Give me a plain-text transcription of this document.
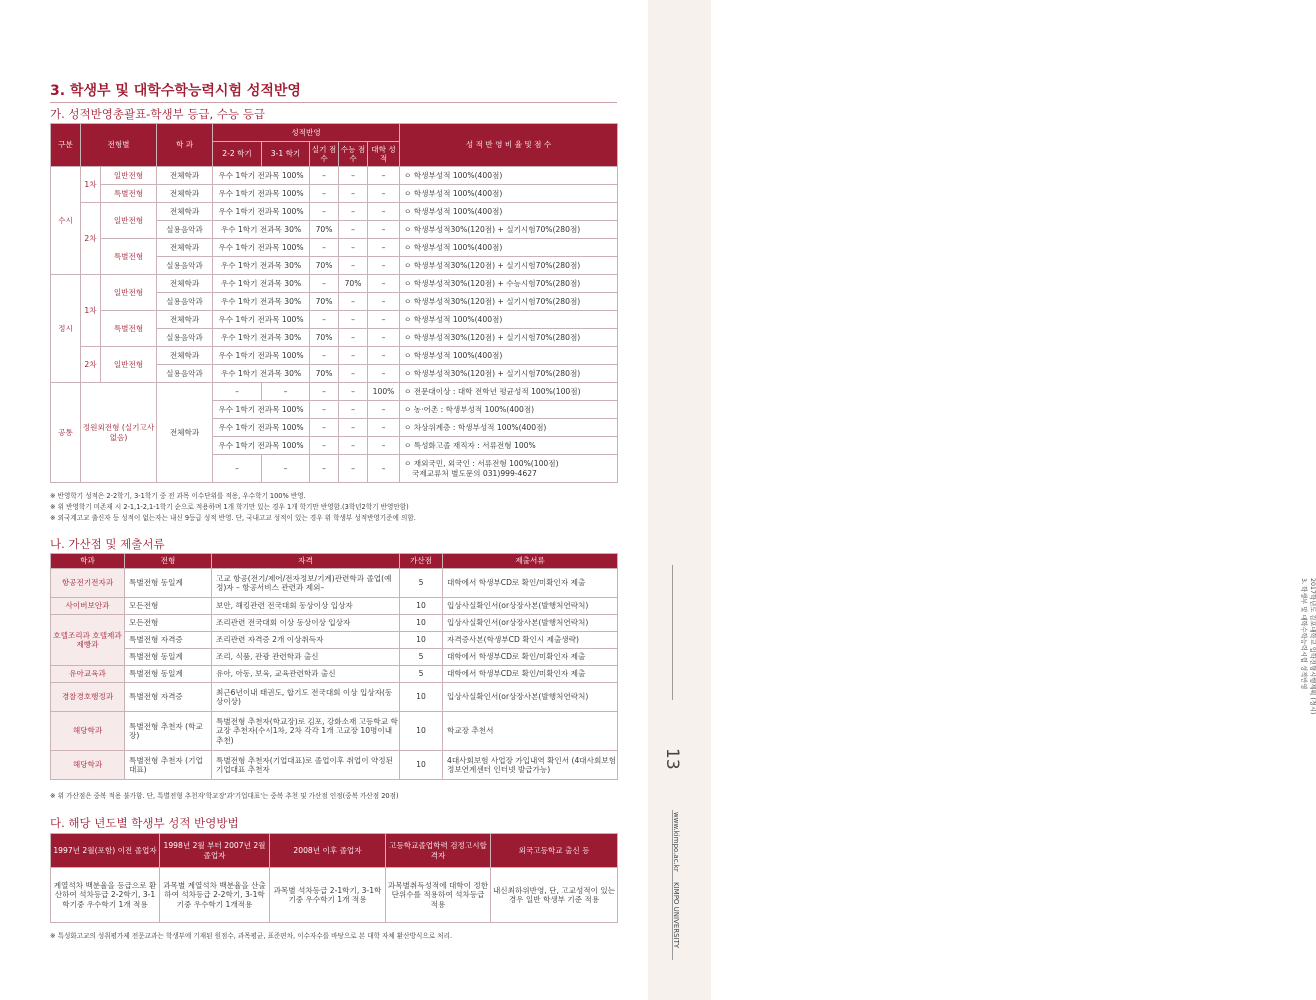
2017학년도 김포대학교 입학전형시행계획 (정시)
3. 학생부 및 대학수학능력시험 성적반영
13
www.kimpo.ac.kr
KIMPO UNIVERSITY
3. 학생부 및 대학수학능력시험 성적반영
가. 성적반영총괄표-학생부 등급, 수능 등급
구분	전형별		학 과	성적반영					성 적 반 영 비 율 및 점 수
				2-2 학기	3-1 학기	실기 점수	수능 점수	대학 성적	
수시	1차	일반전형	전체학과	우수 1학기 전과목 100%		–	–	–	ㅇ 학생부성적 100%(400점)
		특별전형	전체학과	우수 1학기 전과목 100%		–	–	–	ㅇ 학생부성적 100%(400점)
	2차	일반전형	전체학과	우수 1학기 전과목 100%		–	–	–	ㅇ 학생부성적 100%(400점)
			실용음악과	우수 1학기 전과목 30%		70%	–	–	ㅇ 학생부성적30%(120점) + 실기시험70%(280점)
		특별전형	전체학과	우수 1학기 전과목 100%		–	–	–	ㅇ 학생부성적 100%(400점)
			실용음악과	우수 1학기 전과목 30%		70%	–	–	ㅇ 학생부성적30%(120점) + 실기시험70%(280점)
정시	1차	일반전형	전체학과	우수 1학기 전과목 30%		–	70%	–	ㅇ 학생부성적30%(120점) + 수능시험70%(280점)
			실용음악과	우수 1학기 전과목 30%		70%	–	–	ㅇ 학생부성적30%(120점) + 실기시험70%(280점)
		특별전형	전체학과	우수 1학기 전과목 100%		–	–	–	ㅇ 학생부성적 100%(400점)
			실용음악과	우수 1학기 전과목 30%		70%	–	–	ㅇ 학생부성적30%(120점) + 실기시험70%(280점)
	2차	일반전형	전체학과	우수 1학기 전과목 100%		–	–	–	ㅇ 학생부성적 100%(400점)
			실용음악과	우수 1학기 전과목 30%		70%	–	–	ㅇ 학생부성적30%(120점) + 실기시험70%(280점)
공통	정원외전형 (실기고사 없음)		전체학과	–	–	–	–	100%	ㅇ 전문대이상 : 대학 전학년 평균성적 100%(100점)
				우수 1학기 전과목 100%		–	–	–	ㅇ 농·어촌 : 학생부성적 100%(400점)
				우수 1학기 전과목 100%		–	–	–	ㅇ 차상위계층 : 학생부성적 100%(400점)
				우수 1학기 전과목 100%		–	–	–	ㅇ 특성화고졸 재직자 : 서류전형 100%
				–	–	–	–	–	ㅇ 재외국민, 외국인 : 서류전형 100%(100점)
국제교류처 별도문의 031)999-4627
※ 반영학기 성적은 2-2학기, 3-1학기 중 전 과목 이수단위를 적용, 우수학기 100% 반영.
※ 위 반영학기 미존재 시 2-1,1-2,1-1학기 순으로 적용하며 1개 학기만 있는 경우 1개 학기만 반영함.(3학년2학기 반영안함)
※ 외국계고교 출신자 등 성적이 없는자는 내신 9등급 성적 반영. 단, 국내고교 성적이 있는 경우 위 학생부 성적반영기준에 의함.
나. 가산점 및 제출서류
학과	전형	자격	가산점	제출서류
항공전기전자과	특별전형 동일계	고교 항공(전기/제어/전자정보/기계)관련학과 졸업(예정)자 – 항공서비스 관련과 제외–	5	대학에서 학생부CD로 확인/미확인자 제출
사이버보안과	모든전형	보안, 해킹관련 전국대회 동상이상 입상자	10	입상사실확인서(or상장사본(발행처연락처)
호텔조리과 호텔제과제빵과	모든전형	조리관련 전국대회 이상 동상이상 입상자	10	입상사실확인서(or상장사본(발행처연락처)
	특별전형 자격증	조리관련 자격증 2개 이상취득자	10	자격증사본(학생부CD 확인시 제출생략)
	특별전형 동일계	조리, 식품, 관광 관련학과 출신	5	대학에서 학생부CD로 확인/미확인자 제출
유아교육과	특별전형 동일계	유아, 아동, 보육, 교육관련학과 출신	5	대학에서 학생부CD로 확인/미확인자 제출
경찰경호행정과	특별전형 자격증	최근6년이내 태권도, 합기도 전국대회 이상 입상자(동상이상)	10	입상사실확인서(or상장사본(발행처연락처)
해당학과	특별전형 추천자 (학교장)	특별전형 추천자(학교장)로 김포, 강화소재 고등학교 학교장 추천자(수시1차, 2차 각각 1개 고교장 10명이내 추천)	10	학교장 추천서
해당학과	특별전형 추천자 (기업대표)	특별전형 추천자(기업대표)로 졸업이후 취업이 약정된 기업대표 추천자	10	4대사회보험 사업장 가입내역 확인서 (4대사회보험 정보연계센터 인터넷 발급가능)
※ 위 가산점은 중복 적용 불가함. 단, 특별전형 추천자'학교장'과'기업대표'는 중복 추천 및 가산점 인정(중복 가산점 20점)
다. 해당 년도별 학생부 성적 반영방법
1997년 2월(포함) 이전 졸업자	1998년 2월 부터 2007년 2월 졸업자	2008년 이후 졸업자	고등학교졸업학력 검정고시합격자	외국고등학교 출신 등
계열석차 백분율을 등급으로 환산하여 석차등급 2-2학기, 3-1학기중 우수학기 1개 적용	과목별 계열석차 백분율을 산출하여 석차등급 2-2학기, 3-1학기중 우수학기 1개적용	과목별 석차등급 2-1학기, 3-1학기중 우수학기 1개 적용	과목별취득성적에 대학이 정한 단위수를 적용하여 석차등급 적용	내신최하위반영, 단, 고교성적이 있는 경우 일반 학생부 기준 적용
※ 특성화고교의 성취평가제 전문교과는 학생부에 기재된 원점수, 과목평균, 표준편차, 이수자수를 바탕으로 본 대학 자체 환산방식으로 처리.
